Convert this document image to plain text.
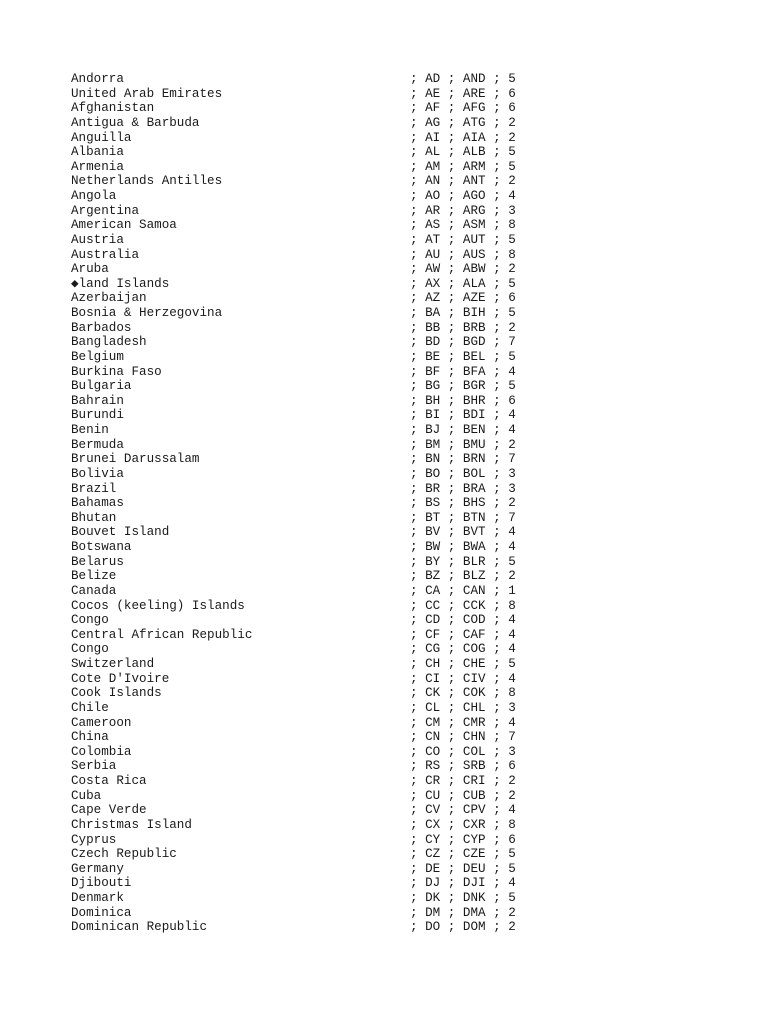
Andorra	; AD ; AND ; 5
United Arab Emirates	; AE ; ARE ; 6
Afghanistan	; AF ; AFG ; 6
Antigua & Barbuda	; AG ; ATG ; 2
Anguilla	; AI ; AIA ; 2
Albania	; AL ; ALB ; 5
Armenia	; AM ; ARM ; 5
Netherlands Antilles	; AN ; ANT ; 2
Angola	; AO ; AGO ; 4
Argentina	; AR ; ARG ; 3
American Samoa	; AS ; ASM ; 8
Austria	; AT ; AUT ; 5
Australia	; AU ; AUS ; 8
Aruba	; AW ; ABW ; 2
◆land Islands	; AX ; ALA ; 5
Azerbaijan	; AZ ; AZE ; 6
Bosnia & Herzegovina	; BA ; BIH ; 5
Barbados	; BB ; BRB ; 2
Bangladesh	; BD ; BGD ; 7
Belgium	; BE ; BEL ; 5
Burkina Faso	; BF ; BFA ; 4
Bulgaria	; BG ; BGR ; 5
Bahrain	; BH ; BHR ; 6
Burundi	; BI ; BDI ; 4
Benin	; BJ ; BEN ; 4
Bermuda	; BM ; BMU ; 2
Brunei Darussalam	; BN ; BRN ; 7
Bolivia	; BO ; BOL ; 3
Brazil	; BR ; BRA ; 3
Bahamas	; BS ; BHS ; 2
Bhutan	; BT ; BTN ; 7
Bouvet Island	; BV ; BVT ; 4
Botswana	; BW ; BWA ; 4
Belarus	; BY ; BLR ; 5
Belize	; BZ ; BLZ ; 2
Canada	; CA ; CAN ; 1
Cocos (keeling) Islands	; CC ; CCK ; 8
Congo	; CD ; COD ; 4
Central African Republic	; CF ; CAF ; 4
Congo	; CG ; COG ; 4
Switzerland	; CH ; CHE ; 5
Cote D'Ivoire	; CI ; CIV ; 4
Cook Islands	; CK ; COK ; 8
Chile	; CL ; CHL ; 3
Cameroon	; CM ; CMR ; 4
China	; CN ; CHN ; 7
Colombia	; CO ; COL ; 3
Serbia	; RS ; SRB ; 6
Costa Rica	; CR ; CRI ; 2
Cuba	; CU ; CUB ; 2
Cape Verde	; CV ; CPV ; 4
Christmas Island	; CX ; CXR ; 8
Cyprus	; CY ; CYP ; 6
Czech Republic	; CZ ; CZE ; 5
Germany	; DE ; DEU ; 5
Djibouti	; DJ ; DJI ; 4
Denmark	; DK ; DNK ; 5
Dominica	; DM ; DMA ; 2
Dominican Republic	; DO ; DOM ; 2
